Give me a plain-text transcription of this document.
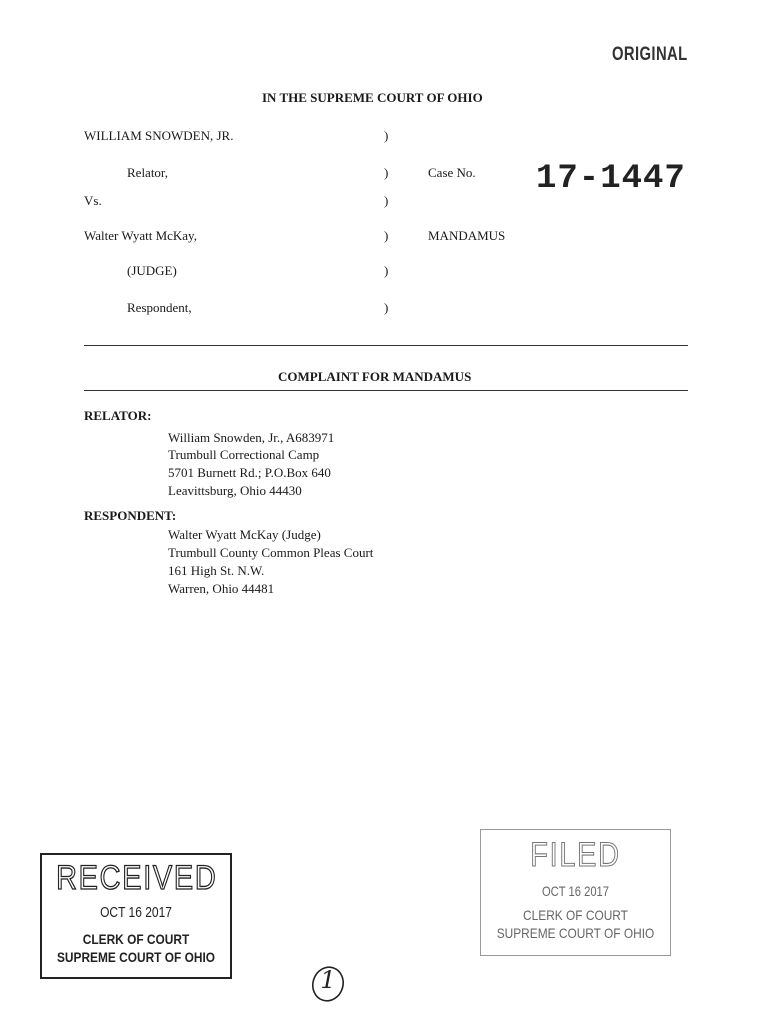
ORIGINAL
IN THE SUPREME COURT OF OHIO
WILLIAM SNOWDEN, JR.
Relator,
Vs.
Walter Wyatt McKay,
(JUDGE)
Respondent,
)
)
)
)
)
)
Case No. 17-1447
MANDAMUS
COMPLAINT FOR MANDAMUS
RELATOR:
William Snowden, Jr., A683971
Trumbull Correctional Camp
5701 Burnett Rd.; P.O.Box 640
Leavittsburg, Ohio 44430
RESPONDENT:
Walter Wyatt McKay (Judge)
Trumbull County Common Pleas Court
161 High St. N.W.
Warren, Ohio 44481
RECEIVED
OCT 16 2017
CLERK OF COURT
SUPREME COURT OF OHIO
FILED
OCT 16 2017
CLERK OF COURT
SUPREME COURT OF OHIO
1
